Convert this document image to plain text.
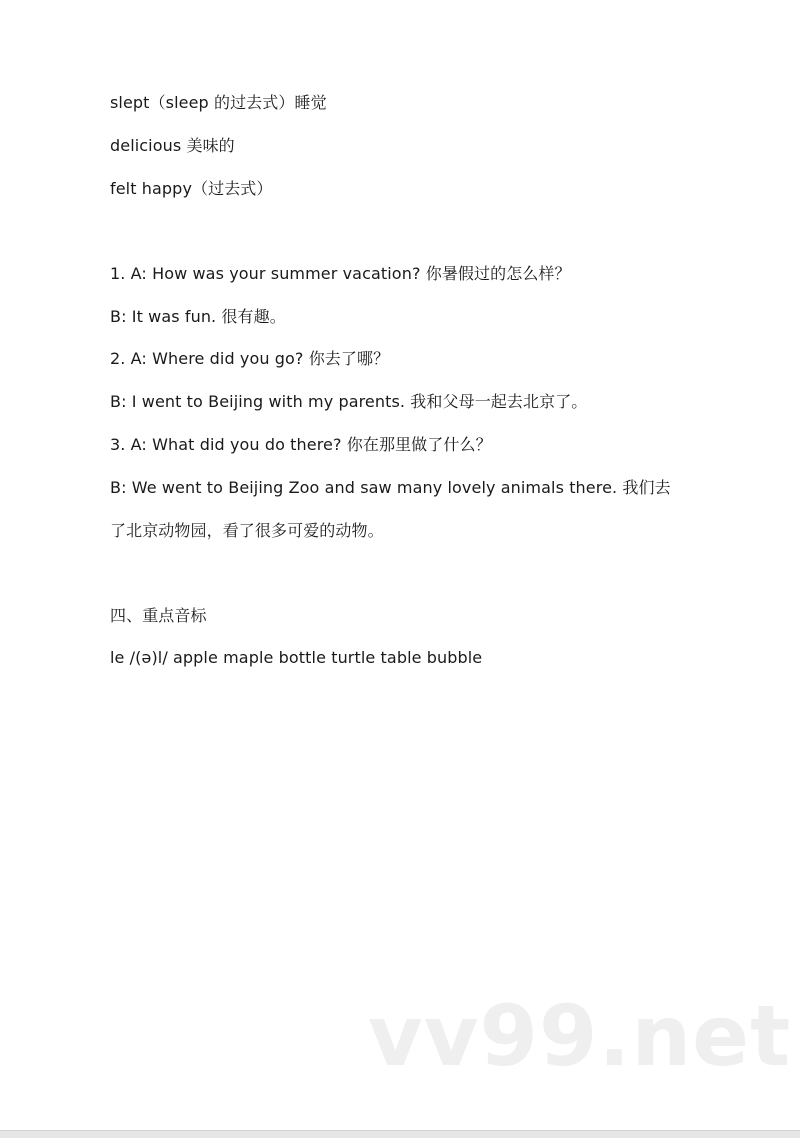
slept（sleep 的过去式）睡觉
delicious 美味的
felt happy（过去式）
1. A: How was your summer vacation? 你暑假过的怎么样？
B: It was fun. 很有趣。
2. A: Where did you go? 你去了哪？
B: I went to Beijing with my parents. 我和父母一起去北京了。
3. A: What did you do there? 你在那里做了什么？
B: We went to Beijing Zoo and saw many lovely animals there. 我们去
了北京动物园，看了很多可爱的动物。
四、重点音标
le /(ə)l/ apple maple bottle turtle table bubble
vv99.net
